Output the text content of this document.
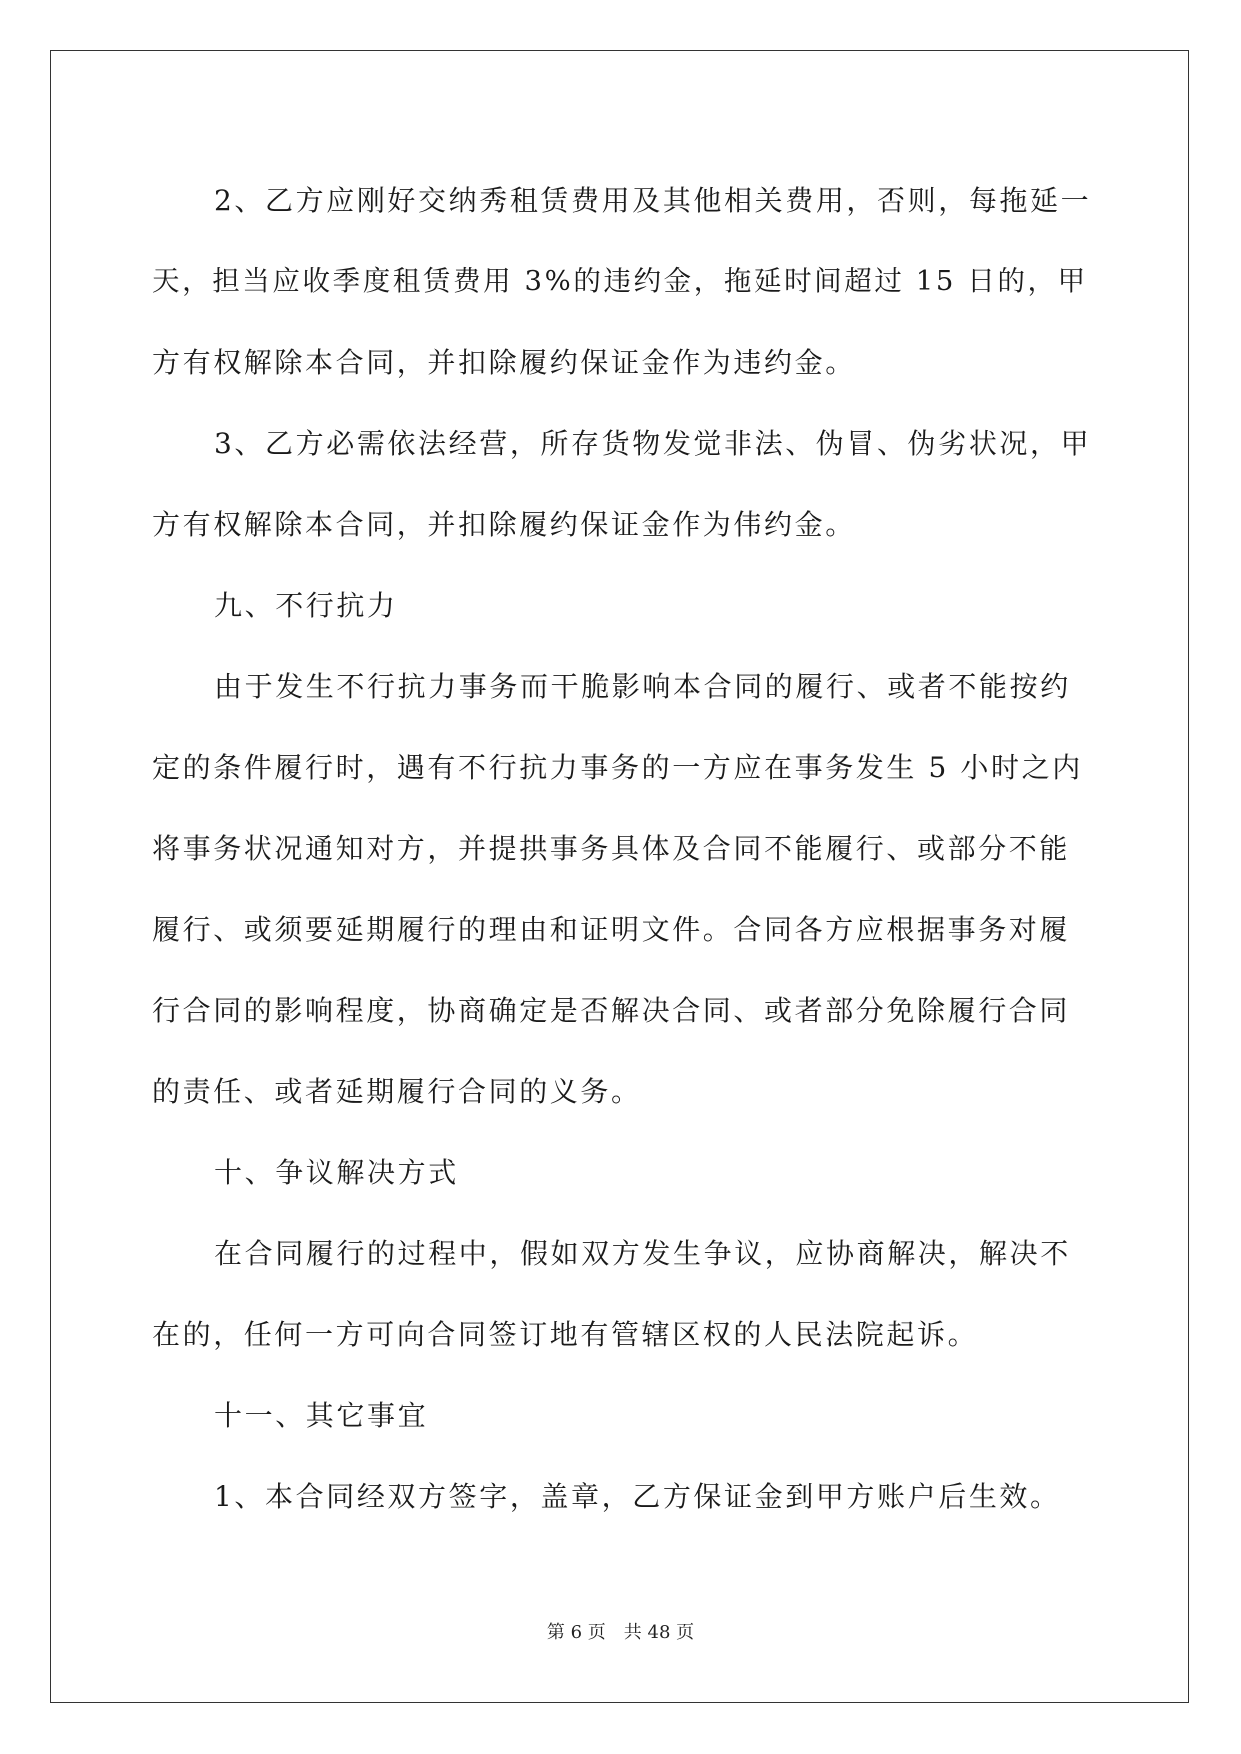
2、乙方应刚好交纳秀租赁费用及其他相关费用，否则，每拖延一
天，担当应收季度租赁费用 3%的违约金，拖延时间超过 15 日的，甲
方有权解除本合同，并扣除履约保证金作为违约金。

3、乙方必需依法经营，所存货物发觉非法、伪冒、伪劣状况，甲
方有权解除本合同，并扣除履约保证金作为伟约金。

九、不行抗力

由于发生不行抗力事务而干脆影响本合同的履行、或者不能按约
定的条件履行时，遇有不行抗力事务的一方应在事务发生 5 小时之内
将事务状况通知对方，并提拱事务具体及合同不能履行、或部分不能
履行、或须要延期履行的理由和证明文件。合同各方应根据事务对履
行合同的影响程度，协商确定是否解决合同、或者部分免除履行合同
的责任、或者延期履行合同的义务。

十、争议解决方式

在合同履行的过程中，假如双方发生争议，应协商解决，解决不
在的，任何一方可向合同签订地有管辖区权的人民法院起诉。

十一、其它事宜

1、本合同经双方签字，盖章，乙方保证金到甲方账户后生效。

第 6 页　共 48 页
